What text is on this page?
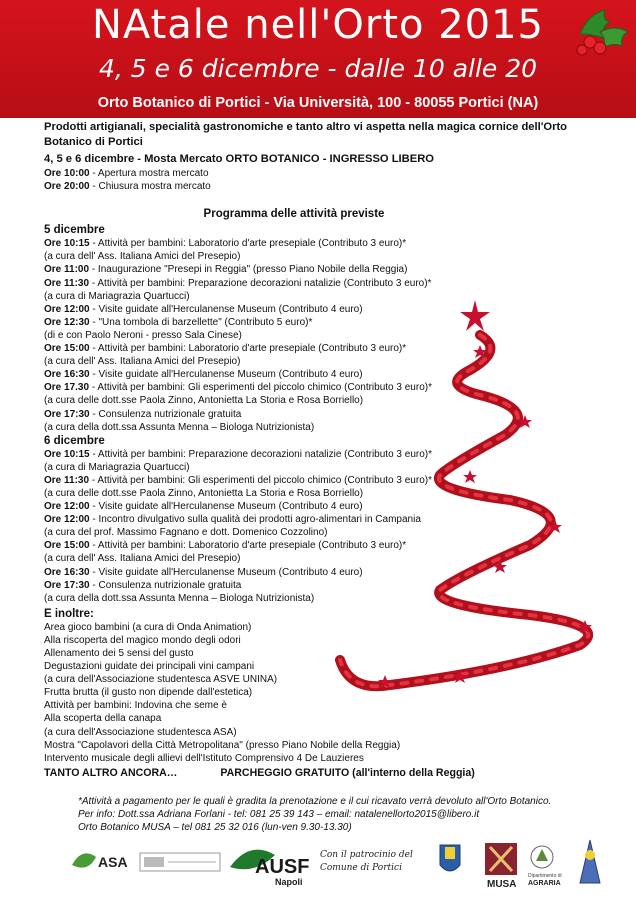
NAtale nell'Orto 2015
4, 5 e 6 dicembre - dalle 10 alle 20
Orto Botanico di Portici - Via Università, 100 - 80055 Portici (NA)
Prodotti artigianali, specialità gastronomiche e tanto altro vi aspetta nella magica cornice dell'Orto Botanico di Portici
4, 5 e 6 dicembre - Mosta Mercato ORTO BOTANICO - INGRESSO LIBERO
Ore 10:00 - Apertura mostra mercato
Ore 20:00 - Chiusura mostra mercato
Programma delle attività previste
5 dicembre
Ore 10:15 - Attività per bambini: Laboratorio d'arte presepiale (Contributo 3 euro)*
(a cura dell' Ass. Italiana Amici del Presepio)
Ore 11:00 - Inaugurazione "Presepi in Reggia" (presso Piano Nobile della Reggia)
Ore 11:30 - Attività per bambini: Preparazione decorazioni natalizie (Contributo 3 euro)*
(a cura di Mariagrazia Quartucci)
Ore 12:00 - Visite guidate all'Herculanense Museum (Contributo 4 euro)
Ore 12:30 - "Una tombola di barzellette" (Contributo 5 euro)*
(di e con Paolo Neroni - presso Sala Cinese)
Ore 15:00 - Attività per bambini: Laboratorio d'arte presepiale (Contributo 3 euro)*
(a cura dell' Ass. Italiana Amici del Presepio)
Ore 16:30 - Visite guidate all'Herculanense Museum (Contributo 4 euro)
Ore 17.30 - Attività per bambini: Gli esperimenti del piccolo chimico (Contributo 3 euro)*
(a cura delle dott.sse Paola Zinno, Antonietta La Storia e Rosa Borriello)
Ore 17:30 - Consulenza nutrizionale gratuita
(a cura della dott.ssa Assunta Menna – Biologa Nutrizionista)
6 dicembre
Ore 10:15 - Attività per bambini: Preparazione decorazioni natalizie (Contributo 3 euro)*
(a cura di Mariagrazia Quartucci)
Ore 11:30 - Attività per bambini: Gli esperimenti del piccolo chimico (Contributo 3 euro)*
(a cura delle dott.sse Paola Zinno, Antonietta La Storia e Rosa Borriello)
Ore 12:00 - Visite guidate all'Herculanense Museum (Contributo 4 euro)
Ore 12:00 - Incontro divulgativo sulla qualità dei prodotti agro-alimentari in Campania
(a cura del prof. Massimo Fagnano e dott. Domenico Cozzolino)
Ore 15:00 - Attività per bambini: Laboratorio d'arte presepiale (Contributo 3 euro)*
(a cura dell' Ass. Italiana Amici del Presepio)
Ore 16:30 - Visite guidate all'Herculanense Museum (Contributo 4 euro)
Ore 17:30 - Consulenza nutrizionale gratuita
(a cura della dott.ssa Assunta Menna – Biologa Nutrizionista)
E inoltre:
Area gioco bambini (a cura di Onda Animation)
Alla riscoperta del magico mondo degli odori
Allenamento dei 5 sensi del gusto
Degustazioni guidate dei principali vini campani
(a cura dell'Associazione studentesca ASVE UNINA)
Frutta brutta (il gusto non dipende dall'estetica)
Attività per bambini: Indovina che seme è
Alla scoperta della canapa
(a cura dell'Associazione studentesca ASA)
Mostra "Capolavori della Città Metropolitana" (presso Piano Nobile della Reggia)
Intervento musicale degli allievi dell'Istituto Comprensivo 4 De Lauzieres
TANTO ALTRO ANCORA…	PARCHEGGIO GRATUITO (all'interno della Reggia)
*Attività a pagamento per le quali è gradita la prenotazione e il cui ricavato verrà devoluto all'Orto Botanico.
Per info: Dott.ssa Adriana Forlani - tel: 081 25 39 143 – email: natalenellorto2015@libero.it
Orto Botanico MUSA – tel 081 25 32 016 (lun-ven 9.30-13.30)
ASA	AUSF
Napoli
Con il patrocinio del
Comune di Portici
MUSA
Dipartimento di
AGRARIA
